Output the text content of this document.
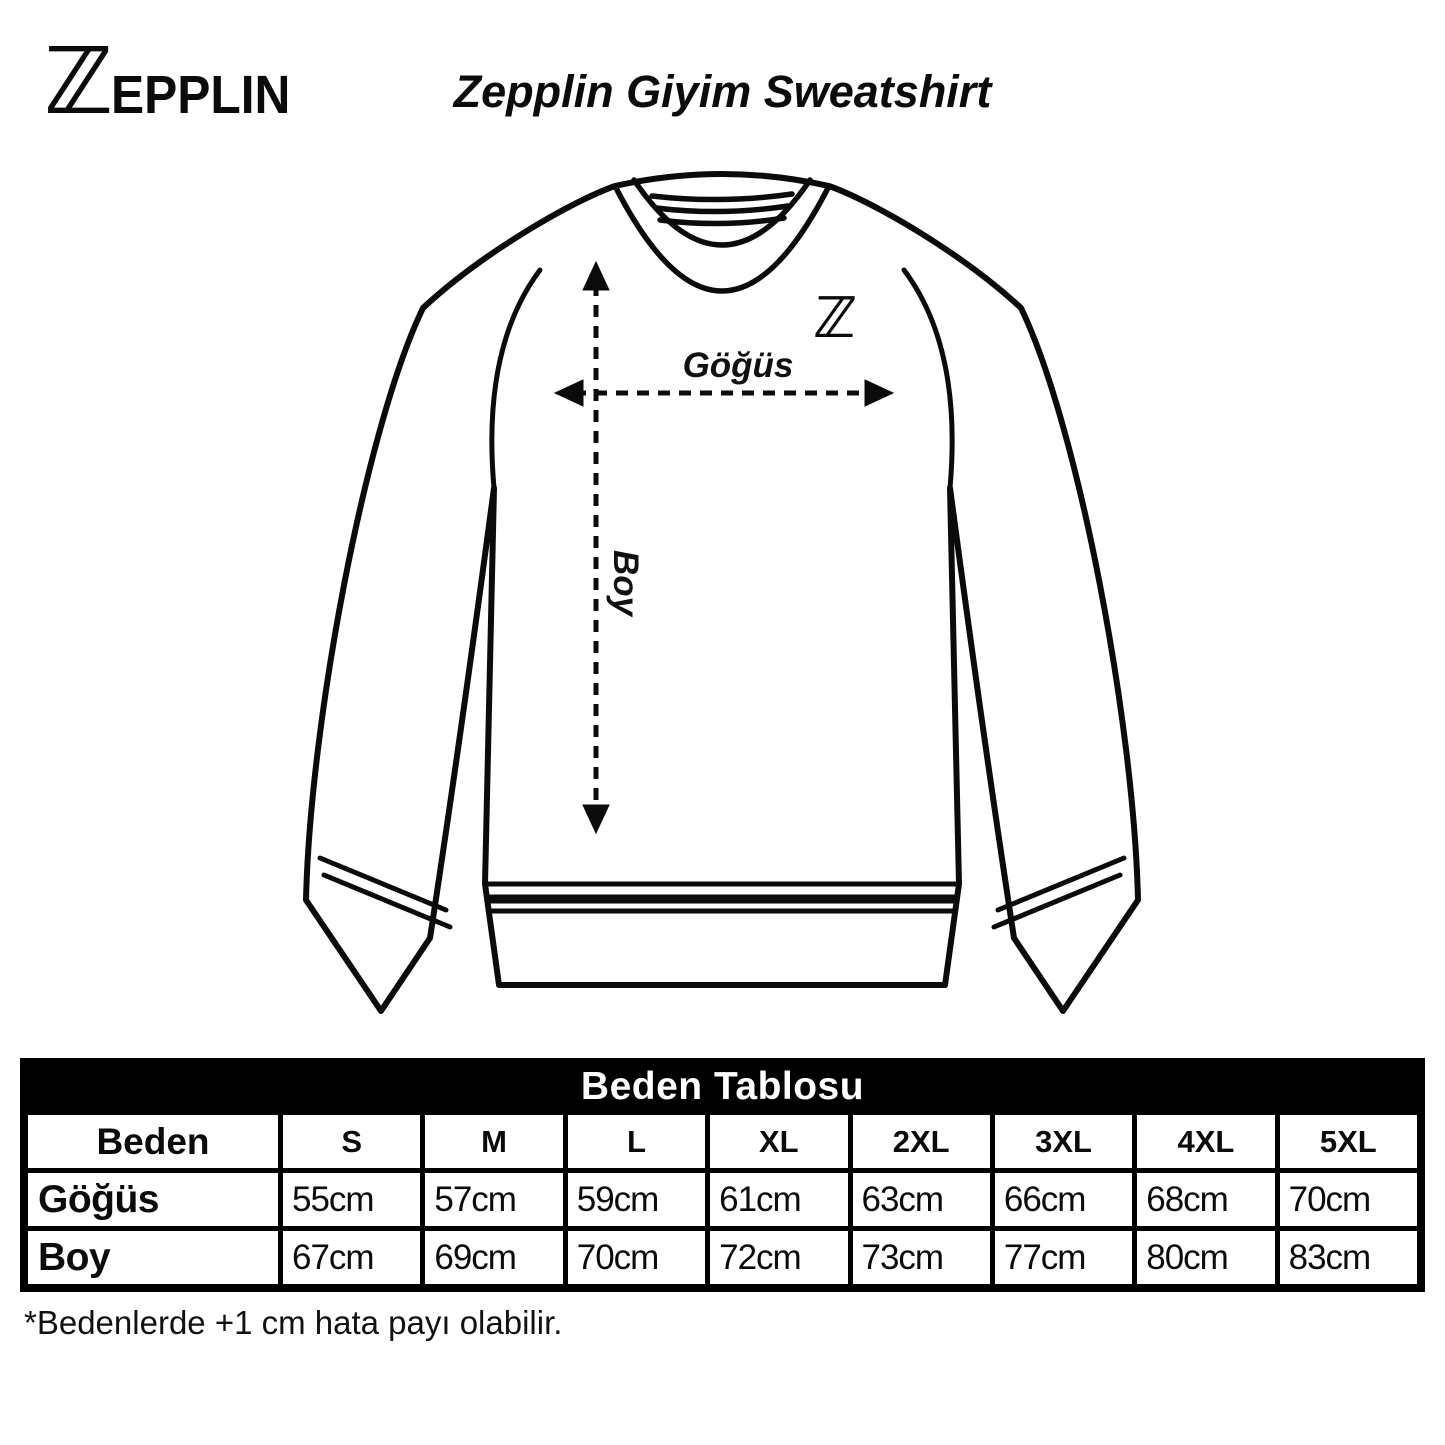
ℤ EPPLIN	Zepplin Giyim Sweatshirt
Göğüs
Boy
ℤ
Beden Tablosu
Beden	S	M	L	XL	2XL	3XL	4XL	5XL
Göğüs	55cm	57cm	59cm	61cm	63cm	66cm	68cm	70cm
Boy	67cm	69cm	70cm	72cm	73cm	77cm	80cm	83cm
*Bedenlerde +1 cm hata payı olabilir.
